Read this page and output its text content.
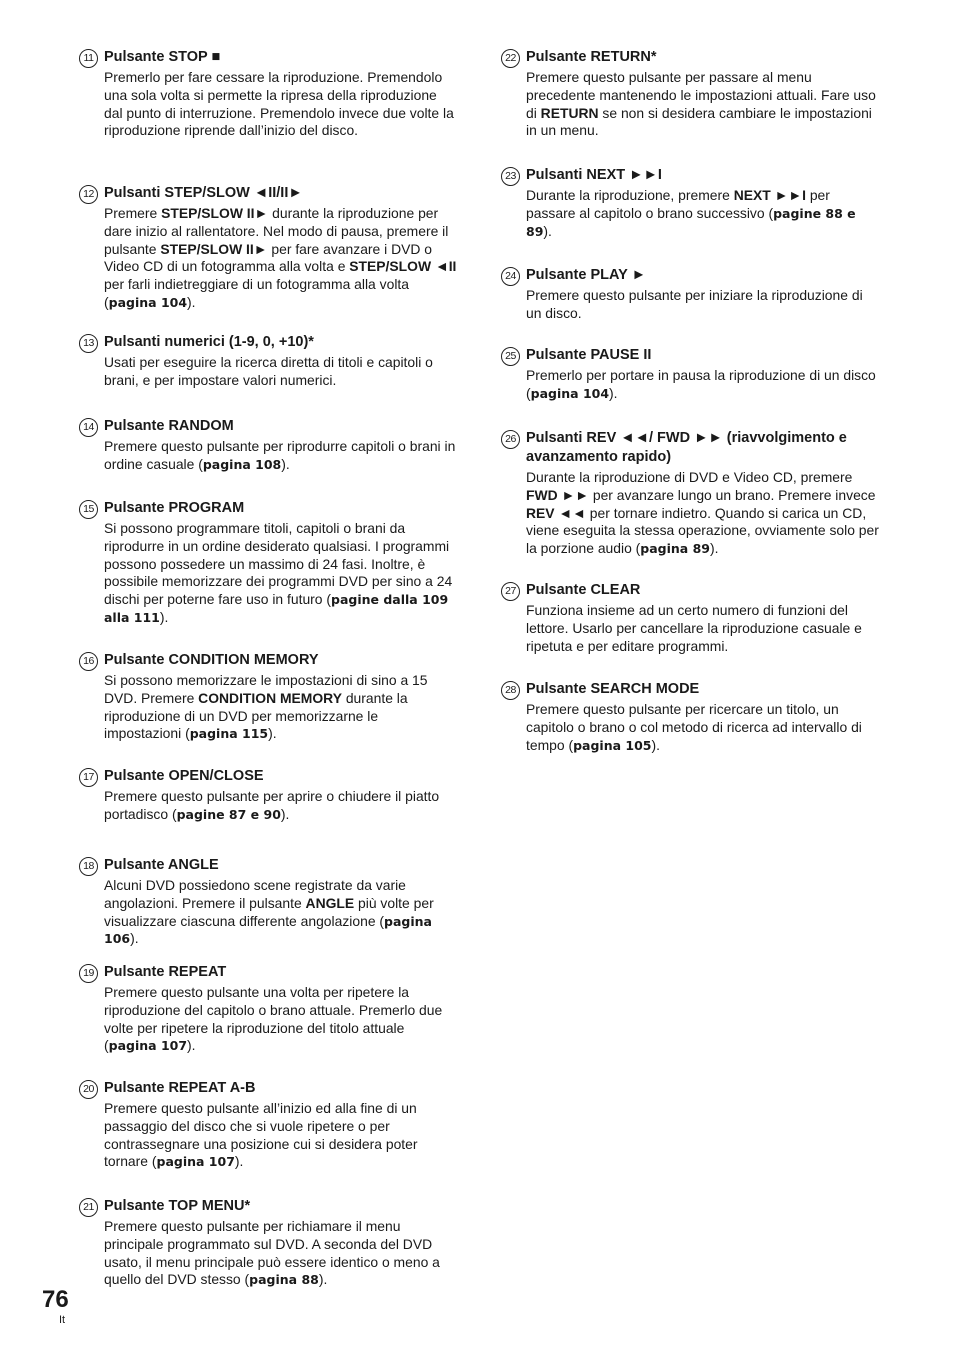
11 Pulsante STOP ■

Premerlo per fare cessare la riproduzione. Premendolo una sola volta si permette la ripresa della riproduzione dal punto di interruzione. Premendolo invece due volte la riproduzione riprende dall’inizio del disco.

12 Pulsanti STEP/SLOW ◄II/II►

Premere STEP/SLOW II► durante la riproduzione per dare inizio al rallentatore. Nel modo di pausa, premere il pulsante STEP/SLOW II► per fare avanzare i DVD o Video CD di un fotogramma alla volta e STEP/SLOW ◄II per farli indietreggiare di un fotogramma alla volta (pagina 104).

13 Pulsanti numerici (1-9, 0, +10)*

Usati per eseguire la ricerca diretta di titoli e capitoli o brani, e per impostare valori numerici.

14 Pulsante RANDOM

Premere questo pulsante per riprodurre capitoli o brani in ordine casuale (pagina 108).

15 Pulsante PROGRAM

Si possono programmare titoli, capitoli o brani da riprodurre in un ordine desiderato qualsiasi. I programmi possono possedere un massimo di 24 fasi. Inoltre, è possibile memorizzare dei programmi DVD per sino a 24 dischi per poterne fare uso in futuro (pagine dalla 109 alla 111).

16 Pulsante CONDITION MEMORY

Si possono memorizzare le impostazioni di sino a 15 DVD. Premere CONDITION MEMORY durante la riproduzione di un DVD per memorizzarne le impostazioni (pagina 115).

17 Pulsante OPEN/CLOSE

Premere questo pulsante per aprire o chiudere il piatto portadisco (pagine 87 e 90).

18 Pulsante ANGLE

Alcuni DVD possiedono scene registrate da varie angolazioni. Premere il pulsante ANGLE più volte per visualizzare ciascuna differente angolazione (pagina 106).

19 Pulsante REPEAT

Premere questo pulsante una volta per ripetere la riproduzione del capitolo o brano attuale. Premerlo due volte per ripetere la riproduzione del titolo attuale (pagina 107).

20 Pulsante REPEAT A-B

Premere questo pulsante all’inizio ed alla fine di un passaggio del disco che si vuole ripetere o per contrassegnare una posizione cui si desidera poter tornare (pagina 107).

21 Pulsante TOP MENU*

Premere questo pulsante per richiamare il menu principale programmato sul DVD. A seconda del DVD usato, il menu principale può essere identico o meno a quello del DVD stesso (pagina 88).

22 Pulsante RETURN*

Premere questo pulsante per passare al menu precedente mantenendo le impostazioni attuali. Fare uso di RETURN se non si desidera cambiare le impostazioni in un menu.

23 Pulsanti NEXT ►►I

Durante la riproduzione, premere NEXT ►►I per passare al capitolo o brano successivo (pagine 88 e 89).

24 Pulsante PLAY ►

Premere questo pulsante per iniziare la riproduzione di un disco.

25 Pulsante PAUSE II

Premerlo per portare in pausa la riproduzione di un disco (pagina 104).

26 Pulsanti REV ◄◄/ FWD ►► (riavvolgimento e avanzamento rapido)

Durante la riproduzione di DVD e Video CD, premere FWD ►► per avanzare lungo un brano. Premere invece REV ◄◄ per tornare indietro. Quando si carica un CD, viene eseguita la stessa operazione, ovviamente solo per la porzione audio (pagina 89).

27 Pulsante CLEAR

Funziona insieme ad un certo numero di funzioni del lettore. Usarlo per cancellare la riproduzione casuale e ripetuta e per editare programmi.

28 Pulsante SEARCH MODE

Premere questo pulsante per ricercare un titolo, un capitolo o brano o col metodo di ricerca ad intervallo di tempo (pagina 105).

76
It
